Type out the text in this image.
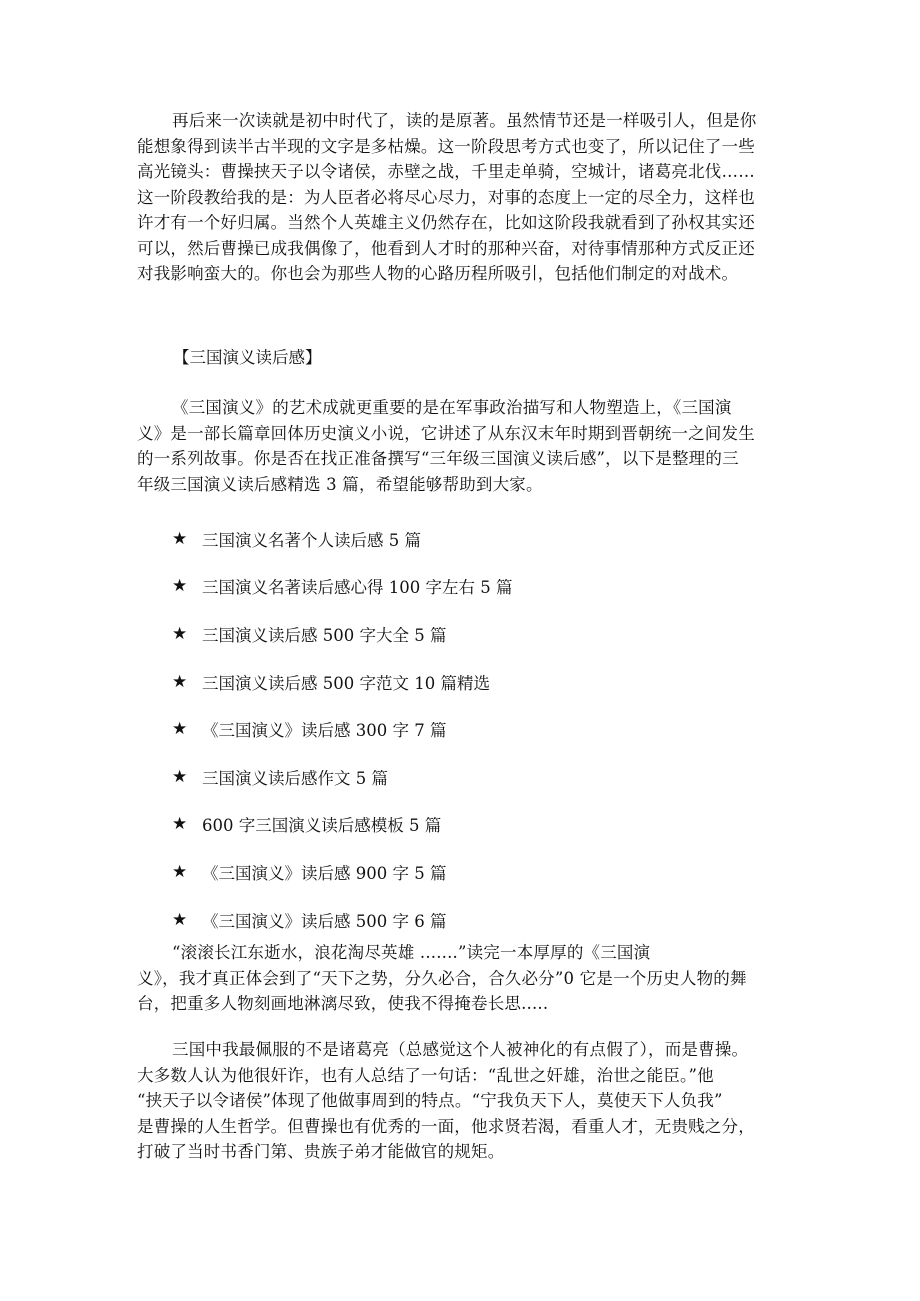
再后来一次读就是初中时代了，读的是原著。虽然情节还是一样吸引人，但是你
能想象得到读半古半现的文字是多枯燥。这一阶段思考方式也变了，所以记住了一些
高光镜头：曹操挟天子以令诸侯，赤壁之战，千里走单骑，空城计，诸葛亮北伐……
这一阶段教给我的是：为人臣者必将尽心尽力，对事的态度上一定的尽全力，这样也
许才有一个好归属。当然个人英雄主义仍然存在，比如这阶段我就看到了孙权其实还
可以，然后曹操已成我偶像了，他看到人才时的那种兴奋，对待事情那种方式反正还
对我影响蛮大的。你也会为那些人物的心路历程所吸引，包括他们制定的对战术。
【三国演义读后感】
《三国演义》的艺术成就更重要的是在军事政治描写和人物塑造上，《三国演
义》是一部长篇章回体历史演义小说，它讲述了从东汉末年时期到晋朝统一之间发生
的一系列故事。你是否在找正准备撰写“三年级三国演义读后感”，以下是整理的三
年级三国演义读后感精选 3 篇，希望能够帮助到大家。
★ 三国演义名著个人读后感 5 篇
★ 三国演义名著读后感心得 100 字左右 5 篇
★ 三国演义读后感 500 字大全 5 篇
★ 三国演义读后感 500 字范文 10 篇精选
★ 《三国演义》读后感 300 字 7 篇
★ 三国演义读后感作文 5 篇
★ 600 字三国演义读后感模板 5 篇
★ 《三国演义》读后感 900 字 5 篇
★ 《三国演义》读后感 500 字 6 篇
“滚滚长江东逝水，浪花淘尽英雄 .......”读完一本厚厚的《三国演
义》，我才真正体会到了“天下之势，分久必合，合久必分”0 它是一个历史人物的舞
台，把重多人物刻画地淋漓尽致，使我不得掩卷长思.....
三国中我最佩服的不是诸葛亮（总感觉这个人被神化的有点假了），而是曹操。
大多数人认为他很奸诈，也有人总结了一句话：“乱世之奸雄，治世之能臣。”他
“挟天子以令诸侯”体现了他做事周到的特点。“宁我负天下人，莫使天下人负我”
是曹操的人生哲学。但曹操也有优秀的一面，他求贤若渴，看重人才，无贵贱之分，
打破了当时书香门第、贵族子弟才能做官的规矩。
